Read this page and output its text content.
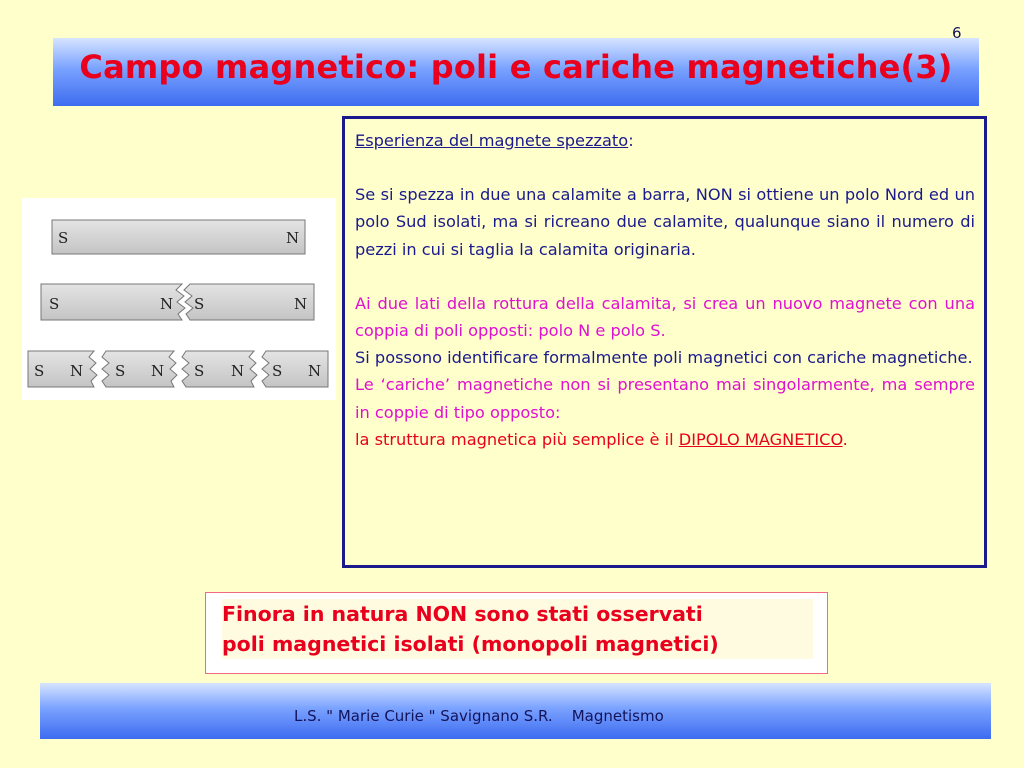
Campo magnetico: poli e cariche magnetiche(3)
S	N
S	N S	N
S N S N S N S N

Esperienza del magnete spezzato:

Se si spezza in due una calamite a barra, NON si ottiene un polo Nord ed un polo Sud isolati, ma si ricreano due calamite, qualunque siano il numero di pezzi in cui si taglia la calamita originaria.

Ai due lati della rottura della calamita, si crea un nuovo magnete con una coppia di poli opposti: polo N e polo S.

Si possono identificare formalmente poli magnetici con cariche magnetiche.

Le ‘cariche’ magnetiche non si presentano mai singolarmente, ma sempre in coppie di tipo opposto:

la struttura magnetica più semplice è il DIPOLO MAGNETICO.

Finora in natura NON sono stati osservati
poli magnetici isolati (monopoli magnetici)
L.S. " Marie Curie " Savignano S.R.    Magnetismo
6
